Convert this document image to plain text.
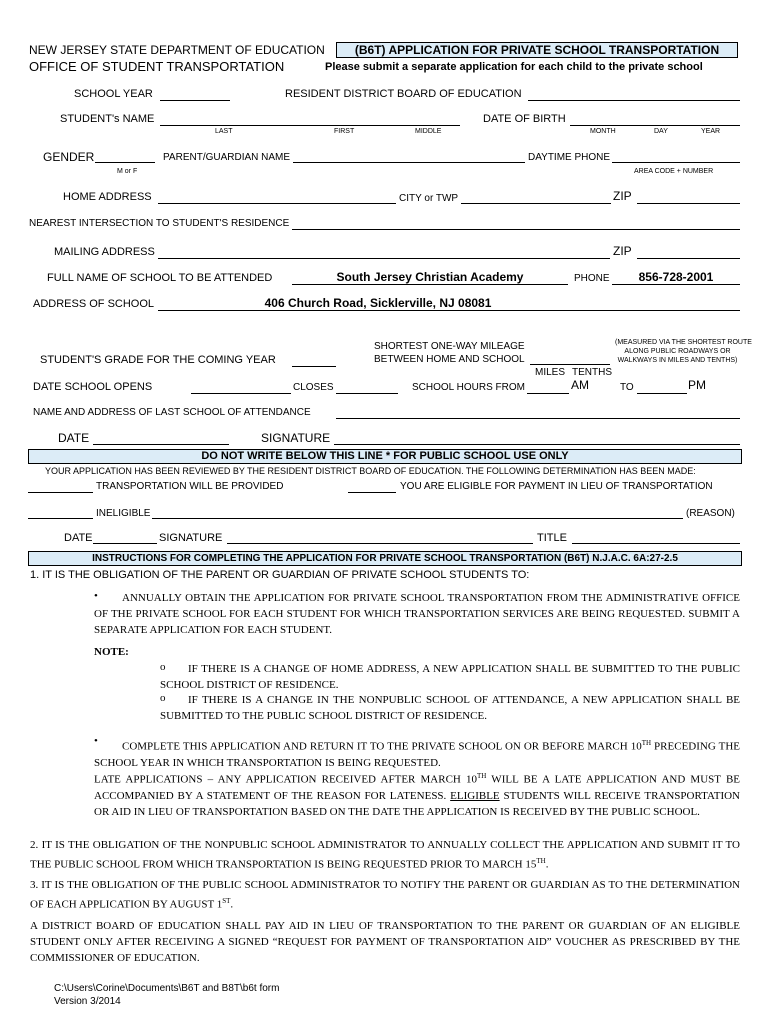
NEW JERSEY STATE DEPARTMENT OF EDUCATION
OFFICE OF STUDENT TRANSPORTATION
(B6T) APPLICATION FOR PRIVATE SCHOOL TRANSPORTATION
Please submit a separate application for each child to the private school
SCHOOL YEAR	RESIDENT DISTRICT BOARD OF EDUCATION
STUDENT's NAME
LAST	FIRST	MIDDLE
DATE OF BIRTH
MONTH	DAY	YEAR
GENDER
M or F
PARENT/GUARDIAN NAME	DAYTIME PHONE
AREA CODE + NUMBER
HOME ADDRESS	CITY or TWP	ZIP
NEAREST INTERSECTION TO STUDENT'S RESIDENCE
MAILING ADDRESS	ZIP
FULL NAME OF SCHOOL TO BE ATTENDED	South Jersey Christian Academy	PHONE	856-728-2001
ADDRESS OF SCHOOL	406 Church Road, Sicklerville, NJ 08081
SHORTEST ONE-WAY MILEAGE
BETWEEN HOME AND SCHOOL
(MEASURED VIA THE SHORTEST ROUTE
ALONG PUBLIC ROADWAYS OR
WALKWAYS IN MILES AND TENTHS)
STUDENT'S GRADE FOR THE COMING YEAR
MILES TENTHS
DATE SCHOOL OPENS	CLOSES	SCHOOL HOURS FROM	AM	TO	PM
NAME AND ADDRESS OF LAST SCHOOL OF ATTENDANCE
DATE	SIGNATURE
DO NOT WRITE BELOW THIS LINE * FOR PUBLIC SCHOOL USE ONLY
YOUR APPLICATION HAS BEEN REVIEWED BY THE RESIDENT DISTRICT BOARD OF EDUCATION. THE FOLLOWING DETERMINATION HAS BEEN MADE:
TRANSPORTATION WILL BE PROVIDED	YOU ARE ELIGIBLE FOR PAYMENT IN LIEU OF TRANSPORTATION
INELIGIBLE	(REASON)
DATE	SIGNATURE	TITLE
INSTRUCTIONS FOR COMPLETING THE APPLICATION FOR PRIVATE SCHOOL TRANSPORTATION (B6T) N.J.A.C. 6A:27-2.5
1. IT IS THE OBLIGATION OF THE PARENT OR GUARDIAN OF PRIVATE SCHOOL STUDENTS TO:
•	ANNUALLY OBTAIN THE APPLICATION FOR PRIVATE SCHOOL TRANSPORTATION FROM THE ADMINISTRATIVE OFFICE OF THE PRIVATE SCHOOL FOR EACH STUDENT FOR WHICH TRANSPORTATION SERVICES ARE BEING REQUESTED. SUBMIT A SEPARATE APPLICATION FOR EACH STUDENT.
NOTE:
o	IF THERE IS A CHANGE OF HOME ADDRESS, A NEW APPLICATION SHALL BE SUBMITTED TO THE PUBLIC SCHOOL DISTRICT OF RESIDENCE.
o	IF THERE IS A CHANGE IN THE NONPUBLIC SCHOOL OF ATTENDANCE, A NEW APPLICATION SHALL BE SUBMITTED TO THE PUBLIC SCHOOL DISTRICT OF RESIDENCE.
•	COMPLETE THIS APPLICATION AND RETURN IT TO THE PRIVATE SCHOOL ON OR BEFORE MARCH 10TH PRECEDING THE SCHOOL YEAR IN WHICH TRANSPORTATION IS BEING REQUESTED.
LATE APPLICATIONS – ANY APPLICATION RECEIVED AFTER MARCH 10TH WILL BE A LATE APPLICATION AND MUST BE ACCOMPANIED BY A STATEMENT OF THE REASON FOR LATENESS. ELIGIBLE STUDENTS WILL RECEIVE TRANSPORTATION OR AID IN LIEU OF TRANSPORTATION BASED ON THE DATE THE APPLICATION IS RECEIVED BY THE PUBLIC SCHOOL.
2. IT IS THE OBLIGATION OF THE NONPUBLIC SCHOOL ADMINISTRATOR TO ANNUALLY COLLECT THE APPLICATION AND SUBMIT IT TO THE PUBLIC SCHOOL FROM WHICH TRANSPORTATION IS BEING REQUESTED PRIOR TO MARCH 15TH.
3. IT IS THE OBLIGATION OF THE PUBLIC SCHOOL ADMINISTRATOR TO NOTIFY THE PARENT OR GUARDIAN AS TO THE DETERMINATION OF EACH APPLICATION BY AUGUST 1ST.
A DISTRICT BOARD OF EDUCATION SHALL PAY AID IN LIEU OF TRANSPORTATION TO THE PARENT OR GUARDIAN OF AN ELIGIBLE STUDENT ONLY AFTER RECEIVING A SIGNED “REQUEST FOR PAYMENT OF TRANSPORTATION AID” VOUCHER AS PRESCRIBED BY THE COMMISSIONER OF EDUCATION.
C:\Users\Corine\Documents\B6T and B8T\b6t form
Version 3/2014
